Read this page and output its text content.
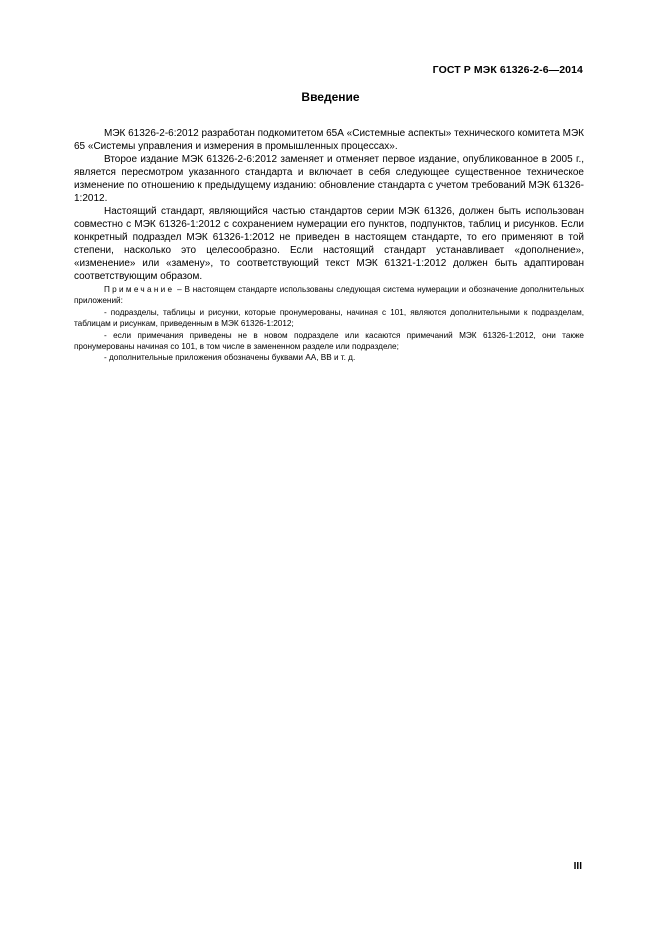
ГОСТ Р МЭК 61326-2-6—2014
Введение

МЭК 61326-2-6:2012 разработан подкомитетом 65А «Системные аспекты» технического комитета МЭК 65 «Системы управления и измерения в промышленных процессах».

Второе издание МЭК 61326-2-6:2012 заменяет и отменяет первое издание, опубликованное в 2005 г., является пересмотром указанного стандарта и включает в себя следующее существенное техническое изменение по отношению к предыдущему изданию: обновление стандарта с учетом требований МЭК 61326-1:2012.

Настоящий стандарт, являющийся частью стандартов серии МЭК 61326, должен быть использован совместно с МЭК 61326-1:2012 с сохранением нумерации его пунктов, подпунктов, таблиц и рисунков. Если конкретный подраздел МЭК 61326-1:2012 не приведен в настоящем стандарте, то его применяют в той степени, насколько это целесообразно. Если настоящий стандарт устанавливает «дополнение», «изменение» или «замену», то соответствующий текст МЭК 61321-1:2012 должен быть адаптирован соответствующим образом.

Примечание – В настоящем стандарте использованы следующая система нумерации и обозначение дополнительных приложений:

- подразделы, таблицы и рисунки, которые пронумерованы, начиная с 101, являются дополнительными к подразделам, таблицам и рисункам, приведенным в МЭК 61326-1:2012;

- если примечания приведены не в новом подразделе или касаются примечаний МЭК 61326-1:2012, они также пронумерованы начиная со 101, в том числе в замененном разделе или подразделе;

- дополнительные приложения обозначены буквами АА, ВВ и т. д.

III
